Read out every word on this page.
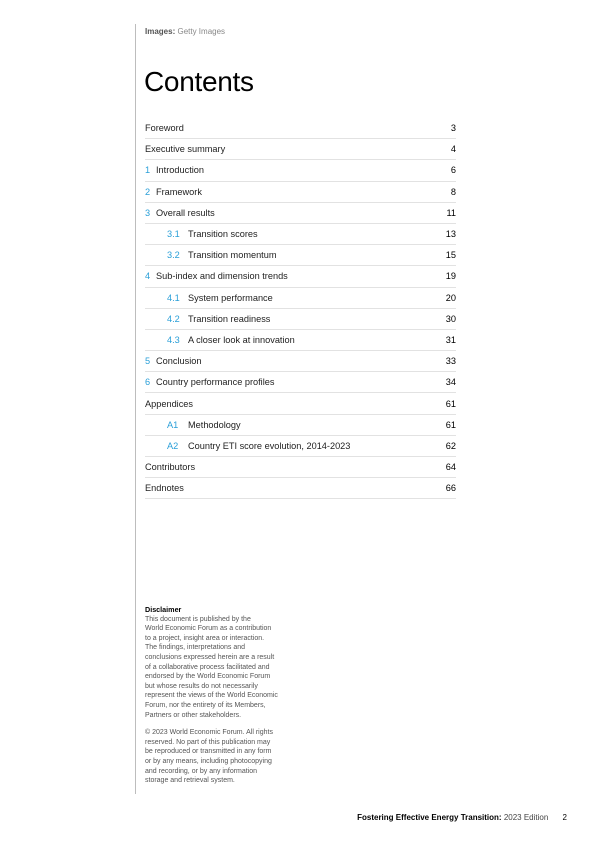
Images: Getty Images
Contents
Foreword	3
Executive summary	4
1 Introduction	6
2 Framework	8
3 Overall results	11
3.1 Transition scores	13
3.2 Transition momentum	15
4 Sub-index and dimension trends	19
4.1 System performance	20
4.2 Transition readiness	30
4.3 A closer look at innovation	31
5 Conclusion	33
6 Country performance profiles	34
Appendices	61
A1	Methodology	61
A2	Country ETI score evolution, 2014-2023	62
Contributors	64
Endnotes	66

Disclaimer

This document is published by the

World Economic Forum as a contribution

to a project, insight area or interaction.

The findings, interpretations and

conclusions expressed herein are a result

of a collaborative process facilitated and

endorsed by the World Economic Forum

but whose results do not necessarily

represent the views of the World Economic

Forum, nor the entirety of its Members,

Partners or other stakeholders.

© 2023 World Economic Forum. All rights

reserved. No part of this publication may

be reproduced or transmitted in any form

or by any means, including photocopying

and recording, or by any information

storage and retrieval system.

Fostering Effective Energy Transition: 2023 Edition 2
